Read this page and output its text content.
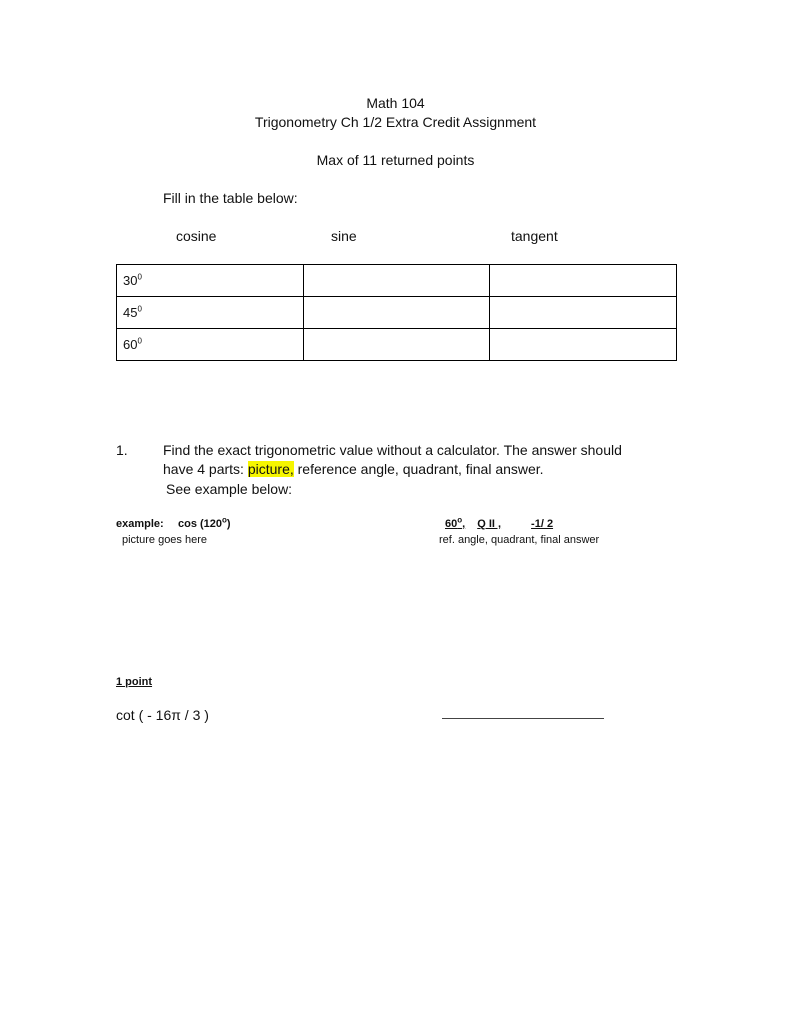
Math 104
Trigonometry Ch 1/2 Extra Credit Assignment
Max of 11 returned points
Fill in the table below:
cosine	sine	tangent
$30^0$		
$45^0$		
$60^0$		
1.	Find the exact trigonometric value without a calculator. The answer should
have 4 parts: picture, reference angle, quadrant, final answer.
See example below:
example: cos (120$^o$)
picture goes here
60$^o$, Q II ,	-1/ 2
ref. angle, quadrant, final answer
1 point
cot ( - 16π / 3 )
